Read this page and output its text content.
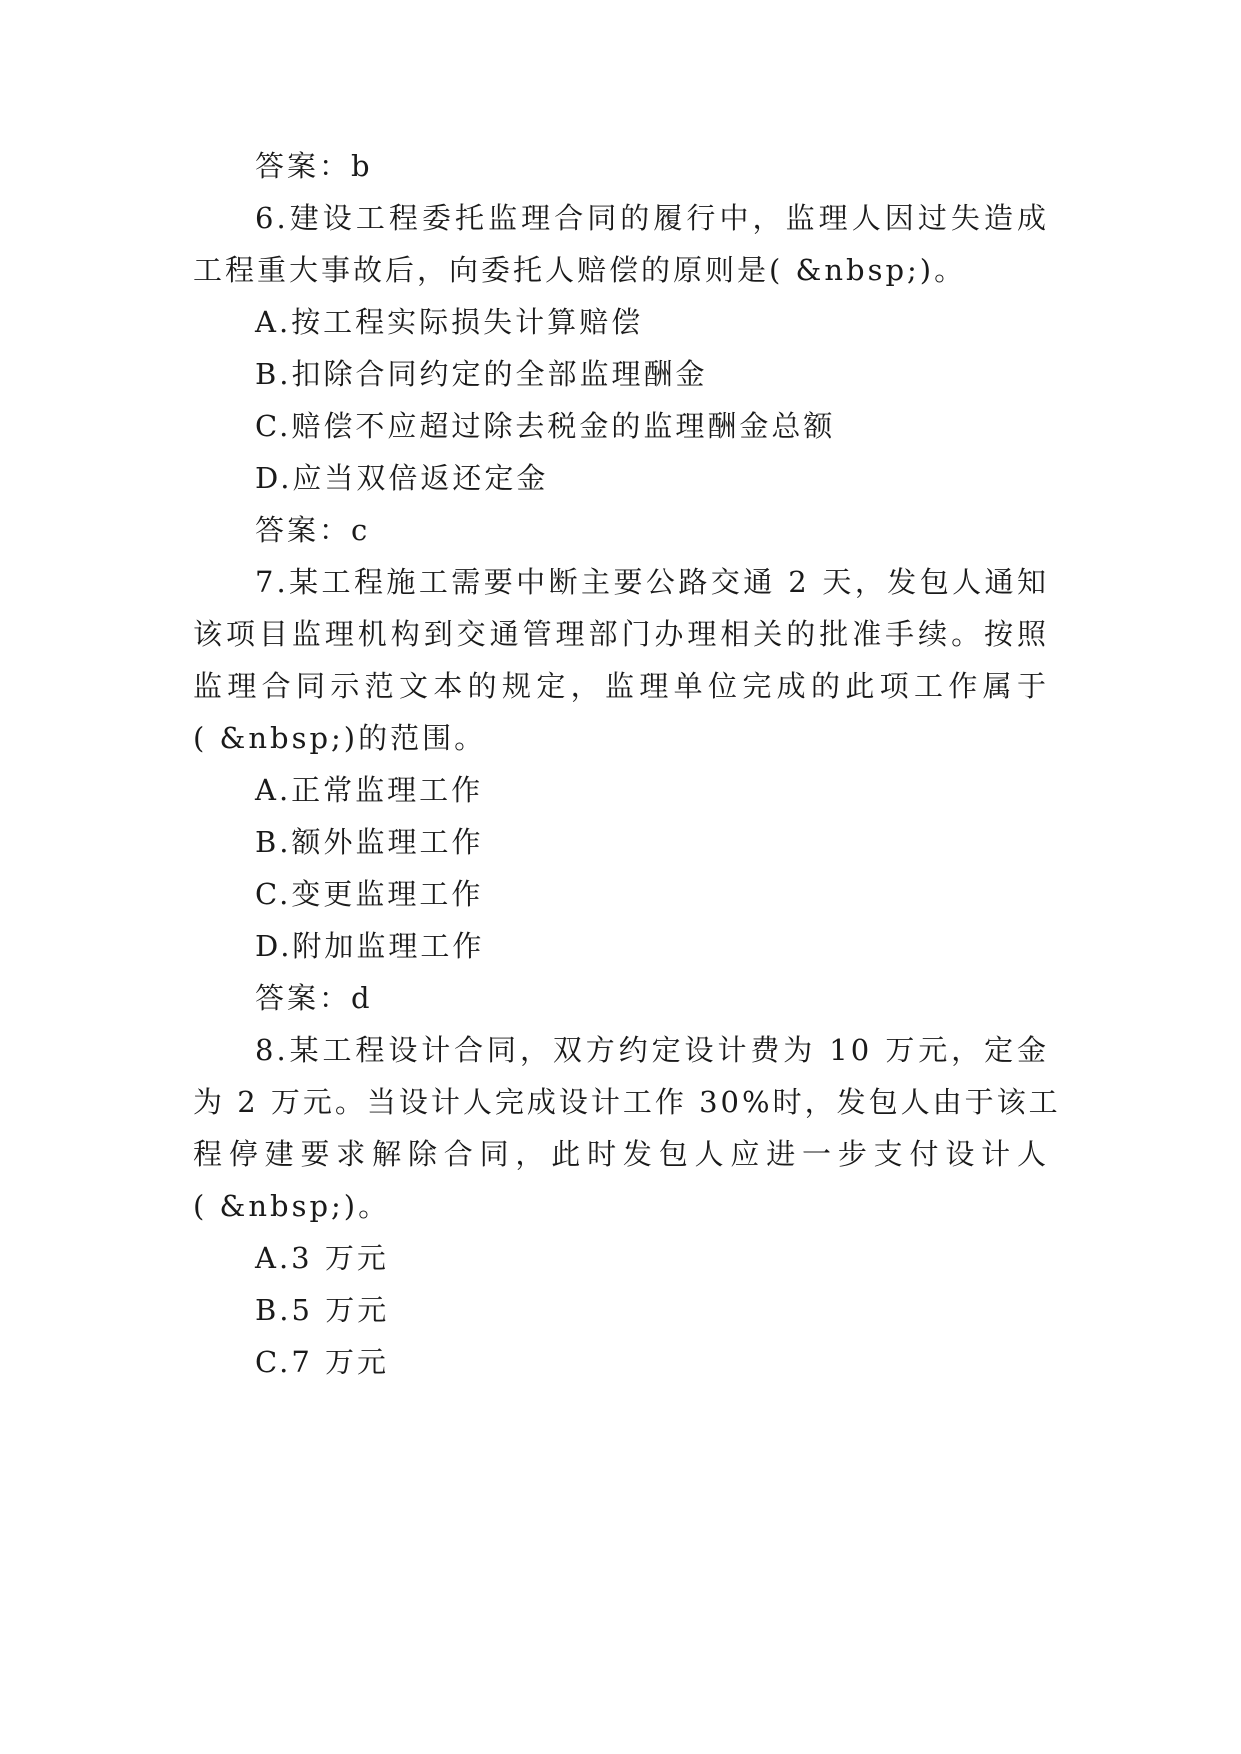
答案：b
6.建设工程委托监理合同的履行中，监理人因过失造成
工程重大事故后，向委托人赔偿的原则是( &nbsp;)。
A.按工程实际损失计算赔偿
B.扣除合同约定的全部监理酬金
C.赔偿不应超过除去税金的监理酬金总额
D.应当双倍返还定金
答案：c
7.某工程施工需要中断主要公路交通 2 天，发包人通知
该项目监理机构到交通管理部门办理相关的批准手续。按照
监理合同示范文本的规定，监理单位完成的此项工作属于
( &nbsp;)的范围。
A.正常监理工作
B.额外监理工作
C.变更监理工作
D.附加监理工作
答案：d
8.某工程设计合同，双方约定设计费为 10 万元，定金
为 2 万元。当设计人完成设计工作 30%时，发包人由于该工
程停建要求解除合同，此时发包人应进一步支付设计人
( &nbsp;)。
A.3 万元
B.5 万元
C.7 万元
